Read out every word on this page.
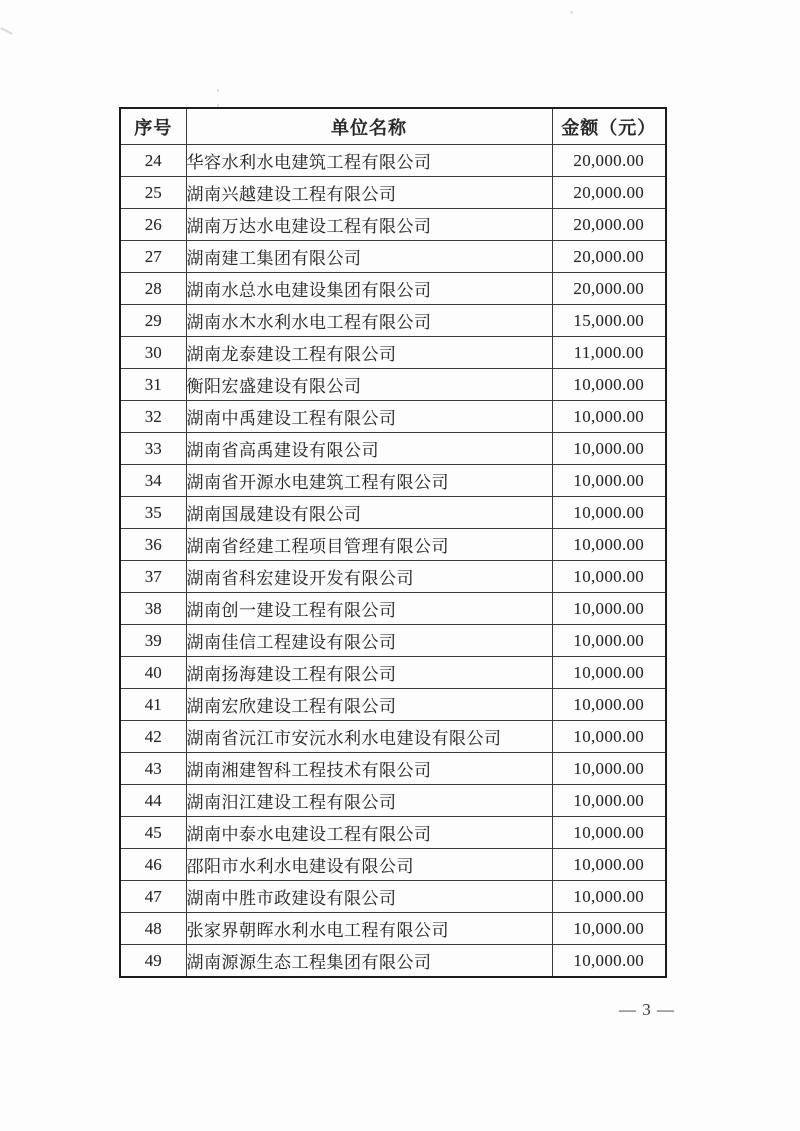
序号	单位名称	金额（元）
24	华容水利水电建筑工程有限公司	20,000.00
25	湖南兴越建设工程有限公司	20,000.00
26	湖南万达水电建设工程有限公司	20,000.00
27	湖南建工集团有限公司	20,000.00
28	湖南水总水电建设集团有限公司	20,000.00
29	湖南水木水利水电工程有限公司	15,000.00
30	湖南龙泰建设工程有限公司	11,000.00
31	衡阳宏盛建设有限公司	10,000.00
32	湖南中禹建设工程有限公司	10,000.00
33	湖南省高禹建设有限公司	10,000.00
34	湖南省开源水电建筑工程有限公司	10,000.00
35	湖南国晟建设有限公司	10,000.00
36	湖南省经建工程项目管理有限公司	10,000.00
37	湖南省科宏建设开发有限公司	10,000.00
38	湖南创一建设工程有限公司	10,000.00
39	湖南佳信工程建设有限公司	10,000.00
40	湖南扬海建设工程有限公司	10,000.00
41	湖南宏欣建设工程有限公司	10,000.00
42	湖南省沅江市安沅水利水电建设有限公司	10,000.00
43	湖南湘建智科工程技术有限公司	10,000.00
44	湖南汨江建设工程有限公司	10,000.00
45	湖南中泰水电建设工程有限公司	10,000.00
46	邵阳市水利水电建设有限公司	10,000.00
47	湖南中胜市政建设有限公司	10,000.00
48	张家界朝晖水利水电工程有限公司	10,000.00
49	湖南源源生态工程集团有限公司	10,000.00
— 3 —
